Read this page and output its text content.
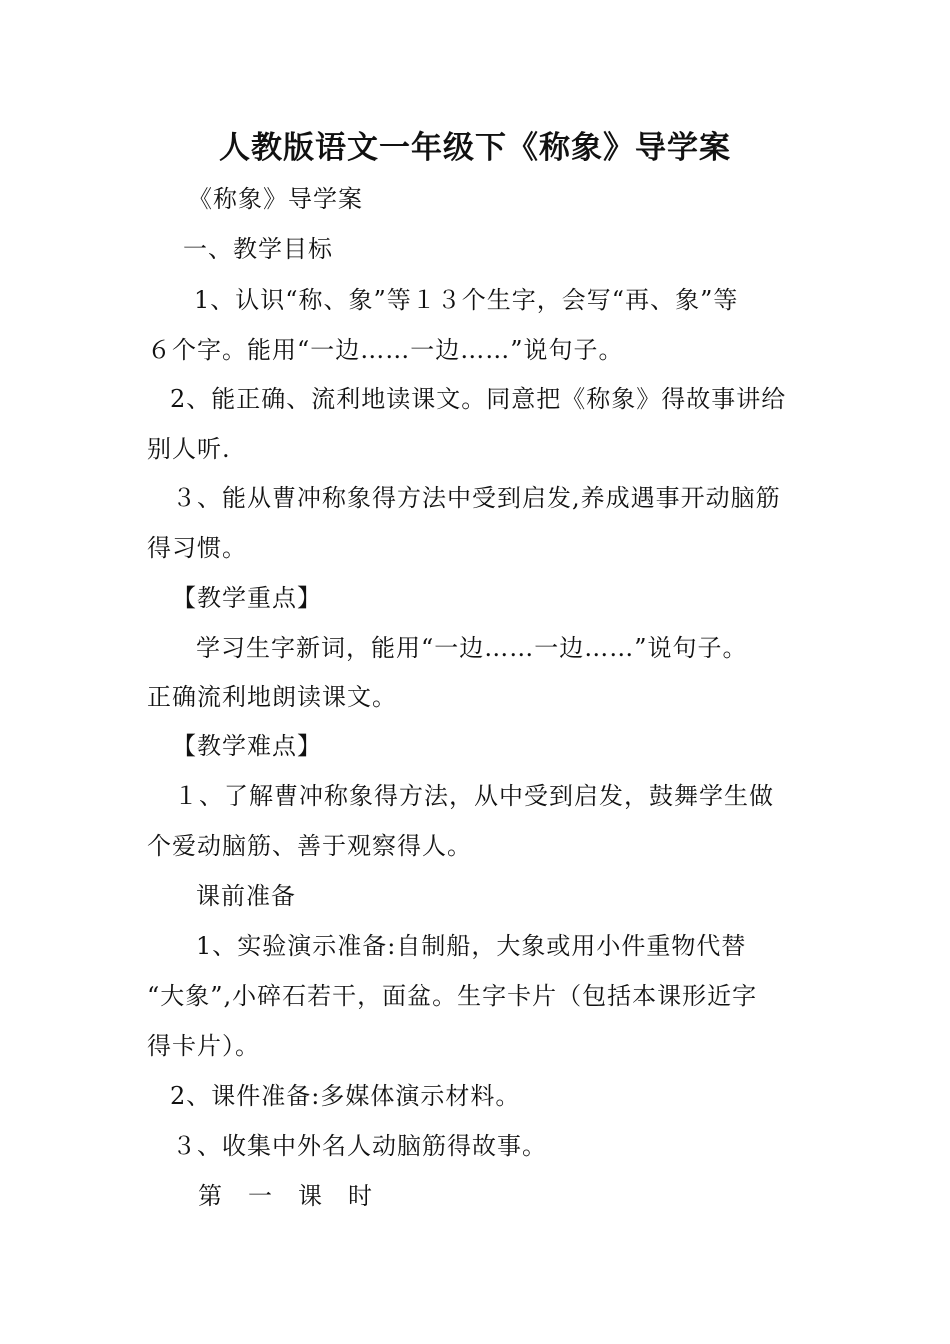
人教版语文一年级下《称象》导学案
《称象》导学案
一、教学目标
1、认识“称、象”等１３个生字，会写“再、象”等
６个字。能用“一边……一边……”说句子。
2、能正确、流利地读课文。同意把《称象》得故事讲给
别人听.
３、能从曹冲称象得方法中受到启发,养成遇事开动脑筋
得习惯。
【教学重点】
学习生字新词，能用“一边……一边……”说句子。
正确流利地朗读课文。
【教学难点】
１、了解曹冲称象得方法，从中受到启发，鼓舞学生做
个爱动脑筋、善于观察得人。
课前准备
1、实验演示准备:自制船，大象或用小件重物代替
“大象”,小碎石若干，面盆。生字卡片（包括本课形近字
得卡片）。
2、课件准备:多媒体演示材料。
３、收集中外名人动脑筋得故事。
第　一　课　时
